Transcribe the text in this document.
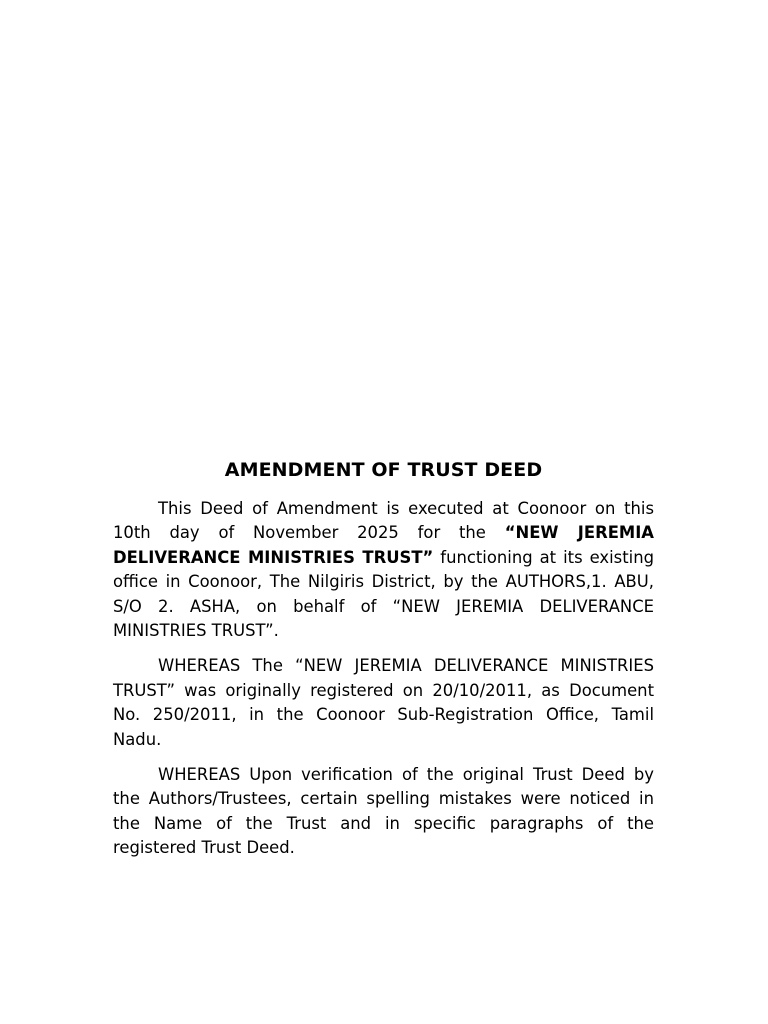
AMENDMENT OF TRUST DEED

This Deed of Amendment is executed at Coonoor on this 10th day of November 2025 for the “NEW JEREMIA DELIVERANCE MINISTRIES TRUST” functioning at its existing office in Coonoor, The Nilgiris District, by the AUTHORS,1. ABU, S/O 2. ASHA, on behalf of “NEW JEREMIA DELIVERANCE MINISTRIES TRUST”.

WHEREAS The “NEW JEREMIA DELIVERANCE MINISTRIES TRUST” was originally registered on 20/10/2011, as Document No. 250/2011, in the Coonoor Sub-Registration Office, Tamil Nadu.

WHEREAS Upon verification of the original Trust Deed by the Authors/Trustees, certain spelling mistakes were noticed in the Name of the Trust and in specific paragraphs of the registered Trust Deed.
